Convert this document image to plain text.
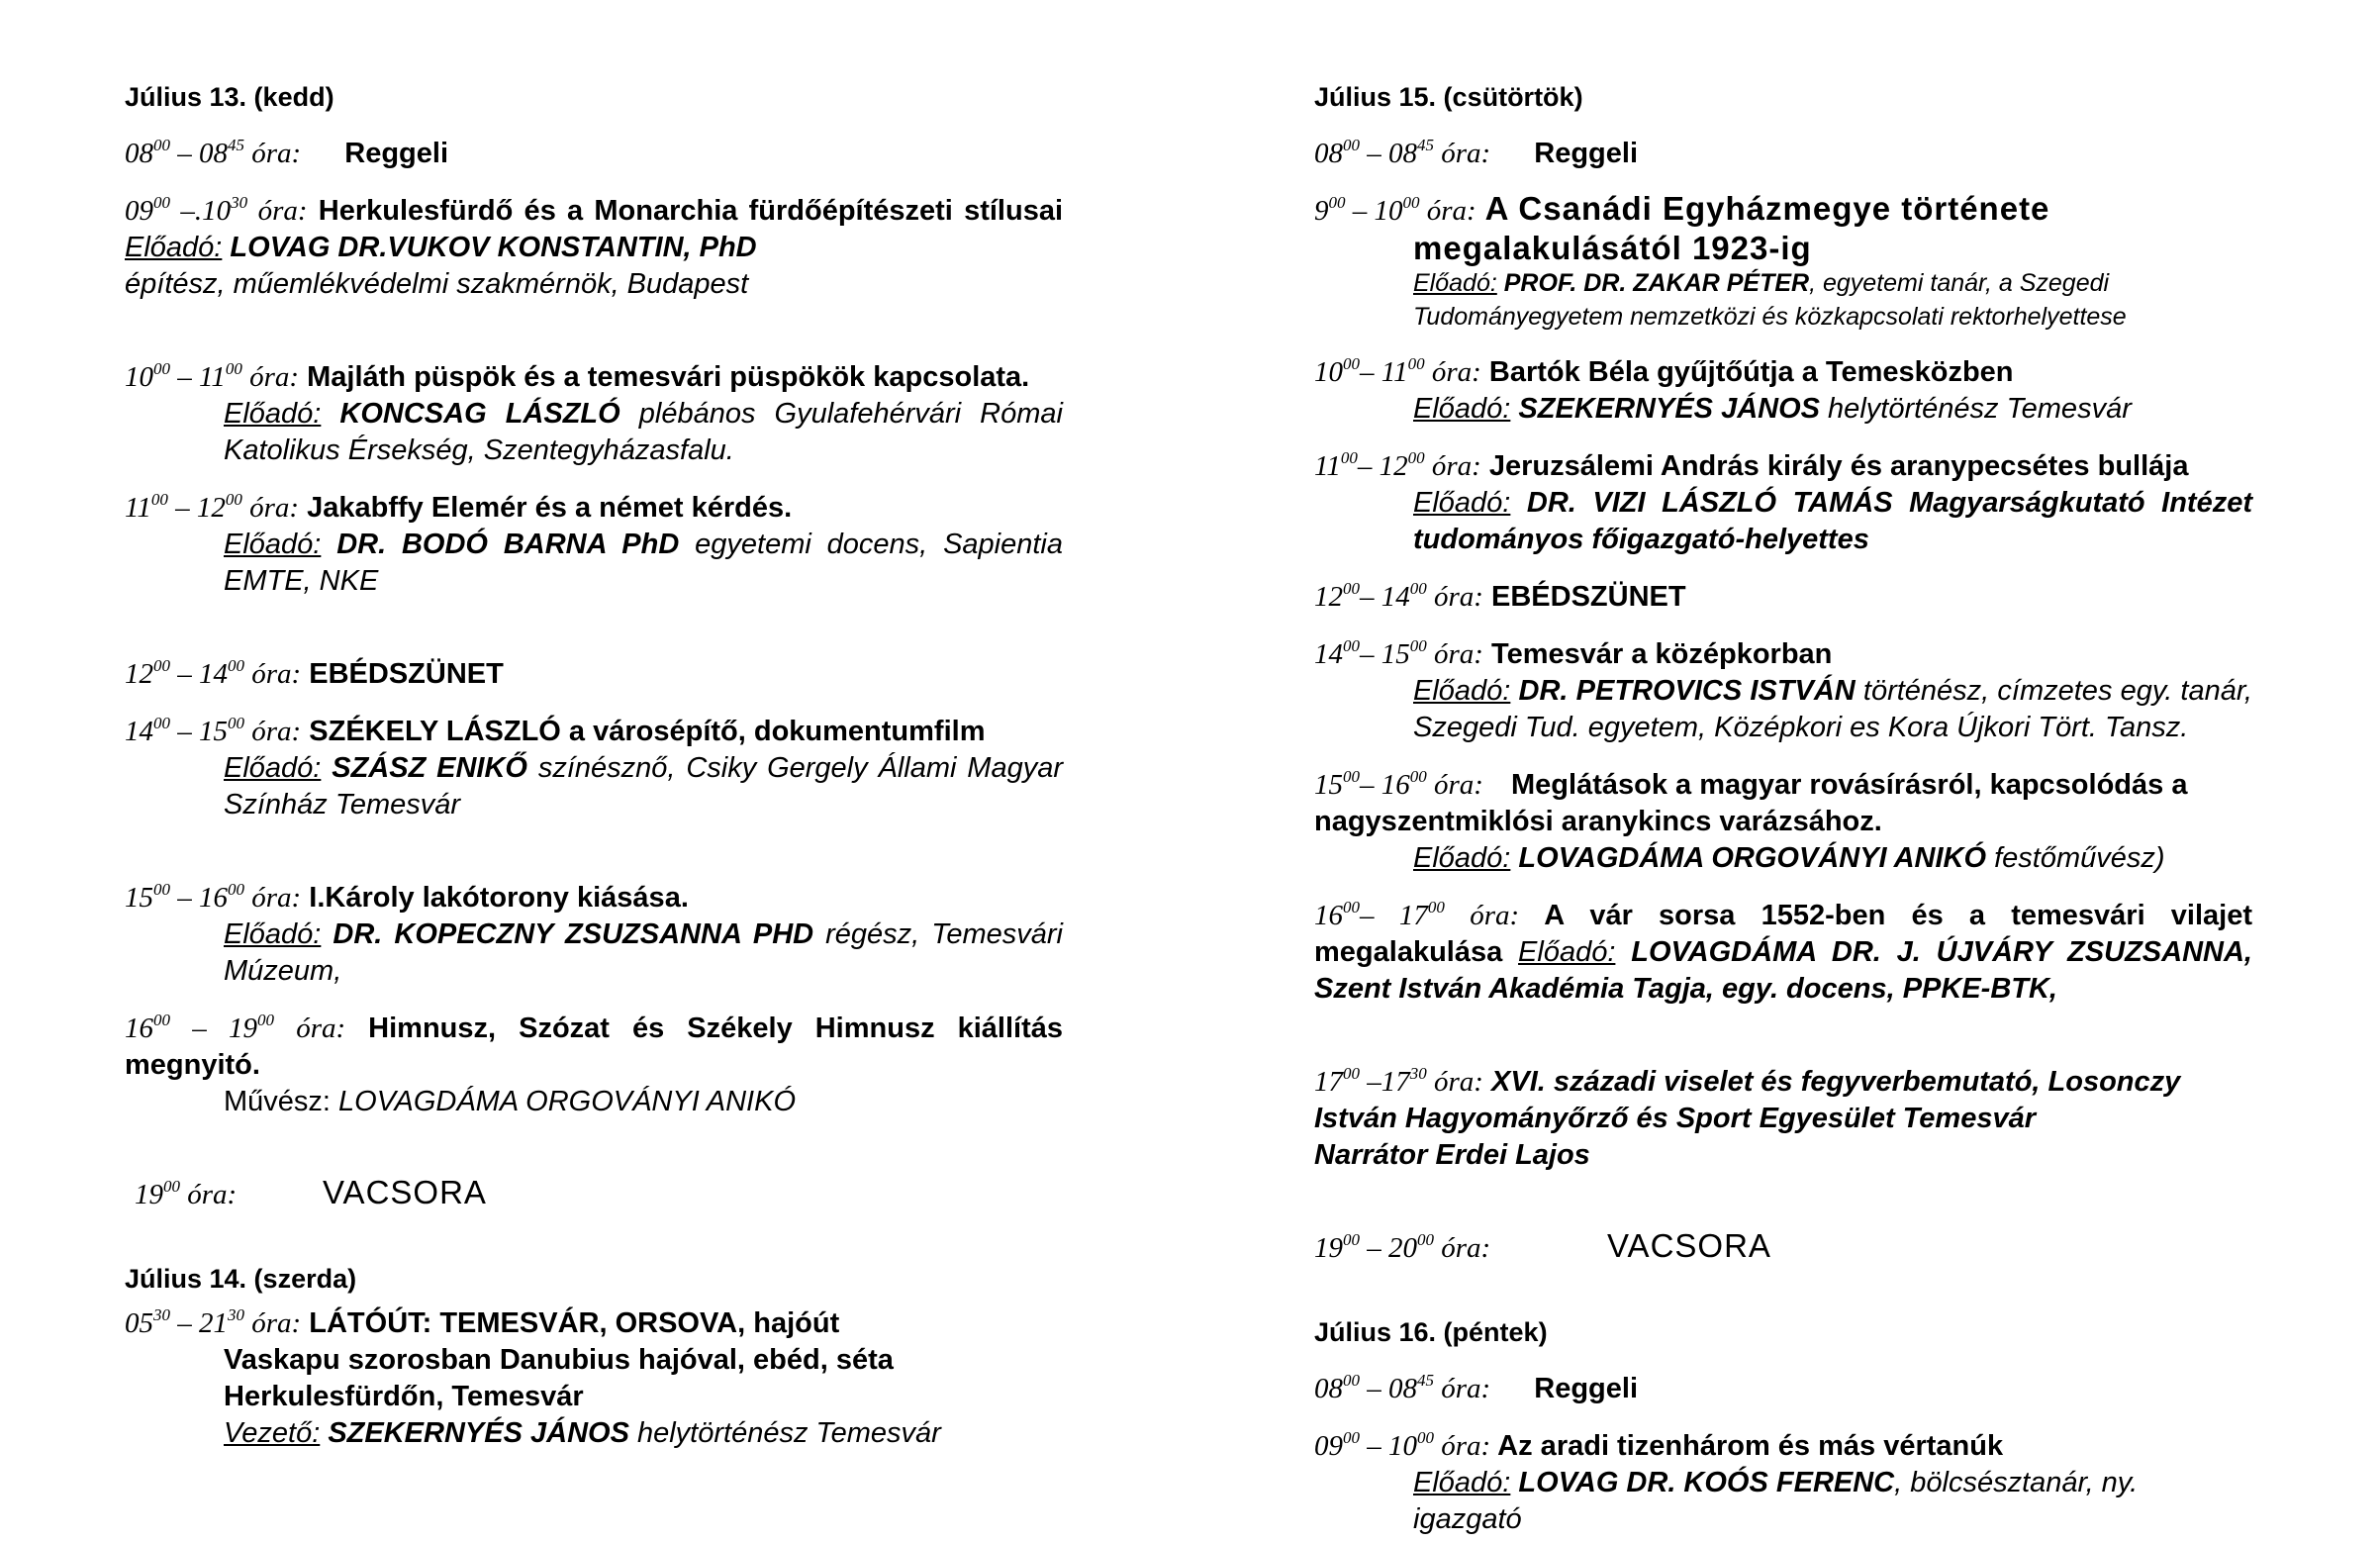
Július 13. (kedd)
$08^{00} - 08^{45}$ óra: Reggeli
$09^{00}$ $-.10^{30}$ óra: Herkulesfürdő és a Monarchia fürdőépítészeti stílusai Előadó: LOVAG DR.VUKOV KONSTANTIN, PhD
építész, műemlékvédelmi szakmérnök, Budapest
$10^{00} - 11^{00}$ óra: Majláth püspök és a temesvári püspökök kapcsolata.
Előadó: KONCSAG LÁSZLÓ plébános Gyulafehérvári Római Katolikus Érsekség, Szentegyházasfalu.
$11^{00} - 12^{00}$ óra: Jakabffy Elemér és a német kérdés.
Előadó: DR. BODÓ BARNA PhD egyetemi docens, Sapientia EMTE, NKE
$12^{00} - 14^{00}$ óra: EBÉDSZÜNET
$14^{00} - 15^{00}$ óra: SZÉKELY LÁSZLÓ a városépítő, dokumentumfilm
Előadó: SZÁSZ ENIKŐ színésznő, Csiky Gergely Állami Magyar Színház Temesvár
$15^{00} - 16^{00}$ óra: I.Károly lakótorony kiásása.
Előadó: DR. KOPECZNY ZSUZSANNA PHD régész, Temesvári Múzeum,
$16^{00} - 19^{00}$ óra: Himnusz, Szózat és Székely Himnusz kiállítás megnyitó.
Művész: LOVAGDÁMA ORGOVÁNYI ANIKÓ
$19^{00}$ óra:	VACSORA
Július 14. (szerda)
$05^{30} - 21^{30}$ óra: LÁTÓÚT: TEMESVÁR, ORSOVA, hajóút
Vaskapu szorosban Danubius hajóval, ebéd, séta
Herkulesfürdőn, Temesvár
Vezető: SZEKERNYÉS JÁNOS helytörténész Temesvár
Július 15. (csütörtök)
$08^{00} - 08^{45}$ óra: Reggeli
$9^{00} - 10^{00}$ óra: A Csanádi Egyházmegye története
megalakulásától 1923-ig
Előadó: PROF. DR. ZAKAR PÉTER, egyetemi tanár, a Szegedi Tudományegyetem nemzetközi és közkapcsolati rektorhelyettese
$10^{00}-$ $11^{00}$ óra: Bartók Béla gyűjtőútja a Temesközben
Előadó: SZEKERNYÉS JÁNOS helytörténész Temesvár
$11^{00}-$ $12^{00}$ óra: Jeruzsálemi András király és aranypecsétes bullája
Előadó: DR. VIZI LÁSZLÓ TAMÁS Magyarságkutató Intézet tudományos főigazgató-helyettes
$12^{00}-$ $14^{00}$ óra: EBÉDSZÜNET
$14^{00}-$ $15^{00}$ óra: Temesvár a középkorban
Előadó: DR. PETROVICS ISTVÁN történész, címzetes egy. tanár, Szegedi Tud. egyetem, Középkori es Kora Újkori Tört. Tansz.
$15^{00}-$ $16^{00}$ óra: Meglátások a magyar rovásírásról, kapcsolódás a nagyszentmiklósi aranykincs varázsához.
Előadó: LOVAGDÁMA ORGOVÁNYI ANIKÓ festőművész)
$16^{00}-$ $17^{00}$ óra: A vár sorsa 1552-ben és a temesvári vilajet megalakulása Előadó: LOVAGDÁMA DR. J. ÚJVÁRY ZSUZSANNA, Szent István Akadémia Tagja, egy. docens, PPKE-BTK,
$17^{00}$ $-17^{30}$ óra: XVI. századi viselet és fegyverbemutató, Losonczy István Hagyományőrző és Sport Egyesület Temesvár
Narrátor Erdei Lajos
$19^{00} - 20^{00}$ óra:	VACSORA
Július 16. (péntek)
$08^{00} - 08^{45}$ óra: Reggeli
$09^{00} - 10^{00}$ óra: Az aradi tizenhárom és más vértanúk
Előadó: LOVAG DR. KOÓS FERENC, bölcsésztanár, ny. igazgató
